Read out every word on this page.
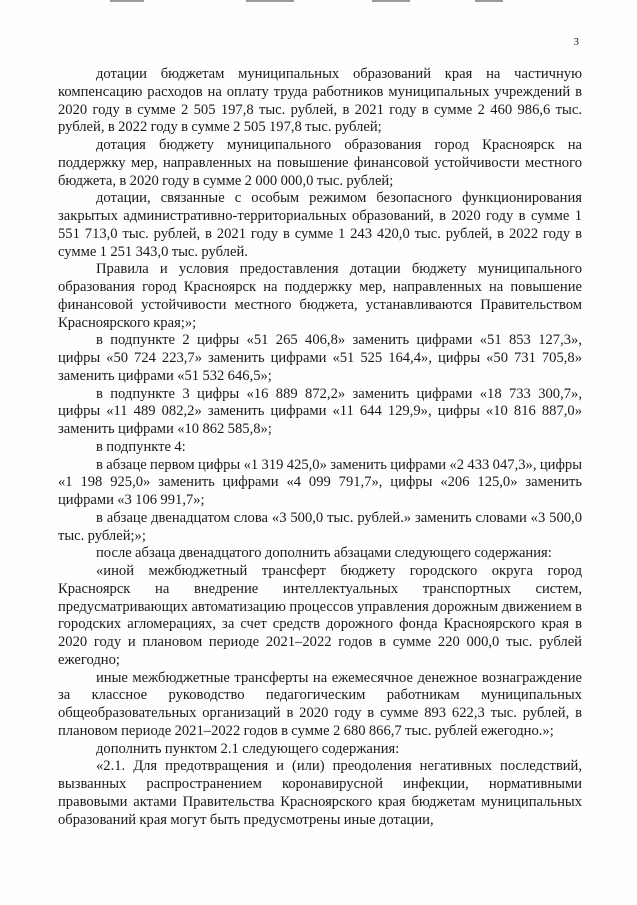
3

дотации бюджетам муниципальных образований края на частичную компенсацию расходов на оплату труда работников муниципальных учреждений в 2020 году в сумме 2 505 197,8 тыс. рублей, в 2021 году в сумме 2 460 986,6 тыс. рублей, в 2022 году в сумме 2 505 197,8 тыс. рублей;

дотация бюджету муниципального образования город Красноярск на поддержку мер, направленных на повышение финансовой устойчивости местного бюджета, в 2020 году в сумме 2 000 000,0 тыс. рублей;

дотации, связанные с особым режимом безопасного функционирования закрытых административно-территориальных образований, в 2020 году в сумме 1 551 713,0 тыс. рублей, в 2021 году в сумме 1 243 420,0 тыс. рублей, в 2022 году в сумме 1 251 343,0 тыс. рублей.

Правила и условия предоставления дотации бюджету муниципального образования город Красноярск на поддержку мер, направленных на повышение финансовой устойчивости местного бюджета, устанавливаются Правительством Красноярского края;»;

в подпункте 2 цифры «51 265 406,8» заменить цифрами «51 853 127,3», цифры «50 724 223,7» заменить цифрами «51 525 164,4», цифры «50 731 705,8» заменить цифрами «51 532 646,5»;

в подпункте 3 цифры «16 889 872,2» заменить цифрами «18 733 300,7», цифры «11 489 082,2» заменить цифрами «11 644 129,9», цифры «10 816 887,0» заменить цифрами «10 862 585,8»;

в подпункте 4:

в абзаце первом цифры «1 319 425,0» заменить цифрами «2 433 047,3», цифры «1 198 925,0» заменить цифрами «4 099 791,7», цифры «206 125,0» заменить цифрами «3 106 991,7»;

в абзаце двенадцатом слова «3 500,0 тыс. рублей.» заменить словами «3 500,0 тыс. рублей;»;

после абзаца двенадцатого дополнить абзацами следующего содержания:

«иной межбюджетный трансферт бюджету городского округа город Красноярск на внедрение интеллектуальных транспортных систем, предусматривающих автоматизацию процессов управления дорожным движением в городских агломерациях, за счет средств дорожного фонда Красноярского края в 2020 году и плановом периоде 2021–2022 годов в сумме 220 000,0 тыс. рублей ежегодно;

иные межбюджетные трансферты на ежемесячное денежное вознаграждение за классное руководство педагогическим работникам муниципальных общеобразовательных организаций в 2020 году в сумме 893 622,3 тыс. рублей, в плановом периоде 2021–2022 годов в сумме 2 680 866,7 тыс. рублей ежегодно.»;

дополнить пунктом 2.1 следующего содержания:

«2.1. Для предотвращения и (или) преодоления негативных последствий, вызванных распространением коронавирусной инфекции, нормативными правовыми актами Правительства Красноярского края бюджетам муниципальных образований края могут быть предусмотрены иные дотации,
